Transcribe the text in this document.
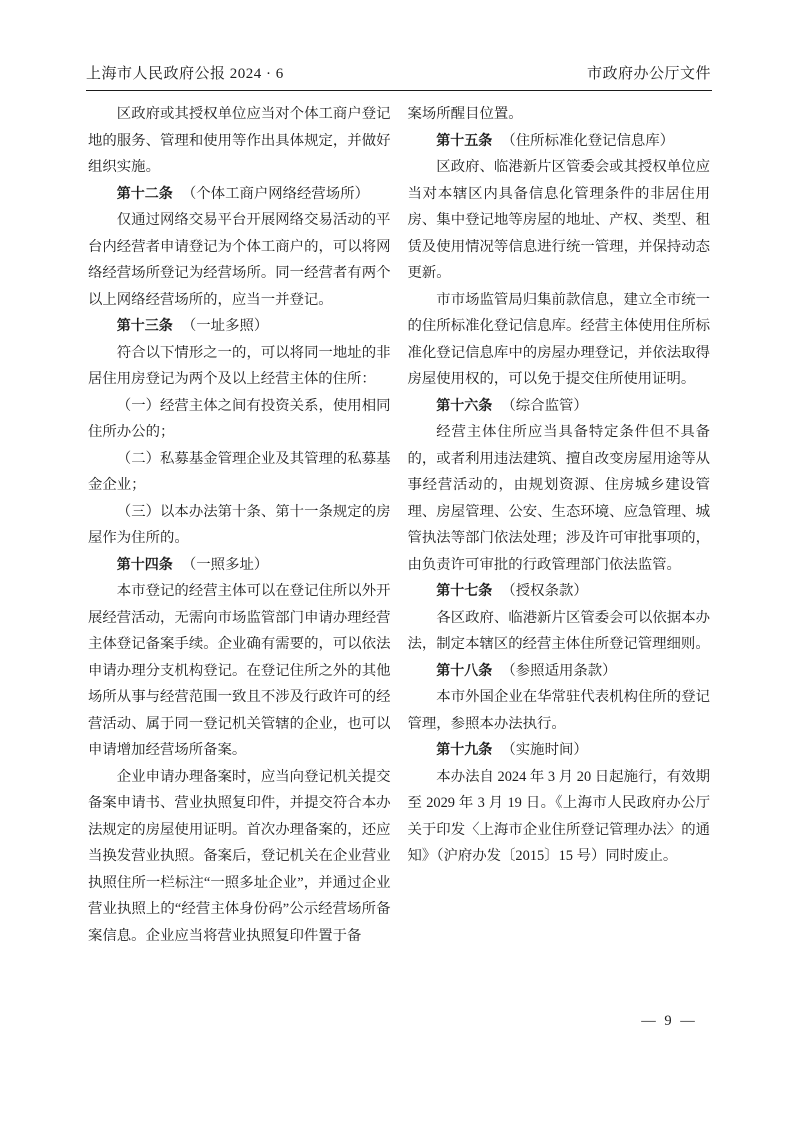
上海市人民政府公报 2024 · 6	市政府办公厅文件

区政府或其授权单位应当对个体工商户登记地的服务、管理和使用等作出具体规定，并做好组织实施。

第十二条 （个体工商户网络经营场所）

仅通过网络交易平台开展网络交易活动的平台内经营者申请登记为个体工商户的，可以将网络经营场所登记为经营场所。同一经营者有两个以上网络经营场所的，应当一并登记。

第十三条 （一址多照）

符合以下情形之一的，可以将同一地址的非居住用房登记为两个及以上经营主体的住所：

（一）经营主体之间有投资关系，使用相同住所办公的；

（二）私募基金管理企业及其管理的私募基金企业；

（三）以本办法第十条、第十一条规定的房屋作为住所的。

第十四条 （一照多址）

本市登记的经营主体可以在登记住所以外开展经营活动，无需向市场监管部门申请办理经营主体登记备案手续。企业确有需要的，可以依法申请办理分支机构登记。在登记住所之外的其他场所从事与经营范围一致且不涉及行政许可的经营活动、属于同一登记机关管辖的企业，也可以申请增加经营场所备案。

企业申请办理备案时，应当向登记机关提交备案申请书、营业执照复印件，并提交符合本办法规定的房屋使用证明。首次办理备案的，还应当换发营业执照。备案后，登记机关在企业营业执照住所一栏标注“一照多址企业”，并通过企业营业执照上的“经营主体身份码”公示经营场所备案信息。企业应当将营业执照复印件置于备

案场所醒目位置。

第十五条 （住所标准化登记信息库）

区政府、临港新片区管委会或其授权单位应当对本辖区内具备信息化管理条件的非居住用房、集中登记地等房屋的地址、产权、类型、租赁及使用情况等信息进行统一管理，并保持动态更新。

市市场监管局归集前款信息，建立全市统一的住所标准化登记信息库。经营主体使用住所标准化登记信息库中的房屋办理登记，并依法取得房屋使用权的，可以免于提交住所使用证明。

第十六条 （综合监管）

经营主体住所应当具备特定条件但不具备的，或者利用违法建筑、擅自改变房屋用途等从事经营活动的，由规划资源、住房城乡建设管理、房屋管理、公安、生态环境、应急管理、城管执法等部门依法处理；涉及许可审批事项的，由负责许可审批的行政管理部门依法监管。

第十七条 （授权条款）

各区政府、临港新片区管委会可以依据本办法，制定本辖区的经营主体住所登记管理细则。

第十八条 （参照适用条款）

本市外国企业在华常驻代表机构住所的登记管理，参照本办法执行。

第十九条 （实施时间）

本办法自 2024 年 3 月 20 日起施行，有效期至 2029 年 3 月 19 日。《上海市人民政府办公厅关于印发〈上海市企业住所登记管理办法〉的通知》（沪府办发〔2015〕15 号）同时废止。

— 9 —
